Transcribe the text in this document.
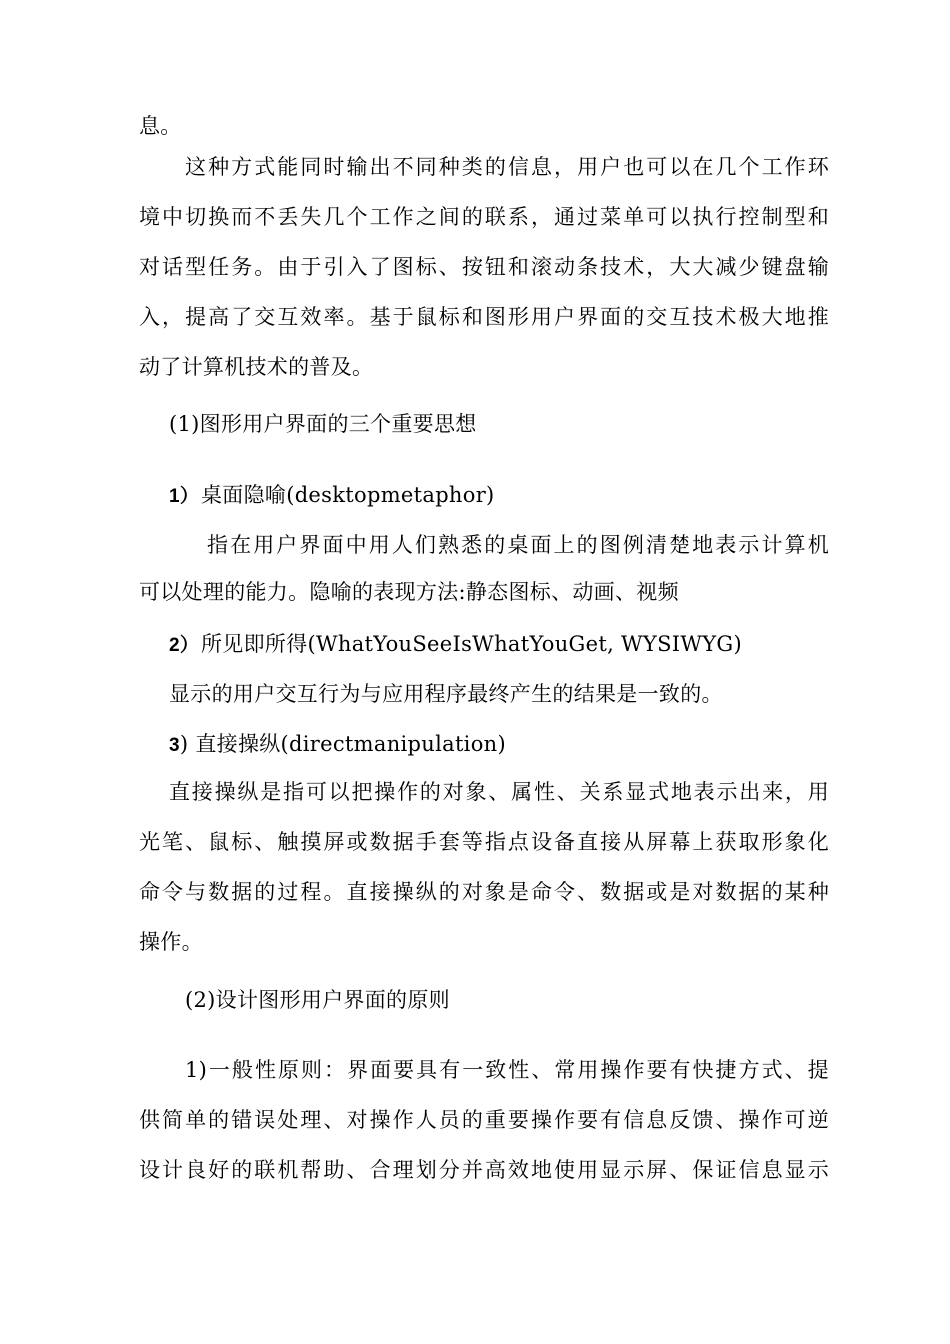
息。
这种方式能同时输出不同种类的信息，用户也可以在几个工作环
境中切换而不丢失几个工作之间的联系，通过菜单可以执行控制型和
对话型任务。由于引入了图标、按钮和滚动条技术，大大减少键盘输
入，提高了交互效率。基于鼠标和图形用户界面的交互技术极大地推
动了计算机技术的普及。
(1)图形用户界面的三个重要思想
1）桌面隐喻(desktopmetaphor)
指在用户界面中用人们熟悉的桌面上的图例清楚地表示计算机
可以处理的能力。隐喻的表现方法:静态图标、动画、视频
2）所见即所得(WhatYouSeeIsWhatYouGet, WYSIWYG)
显示的用户交互行为与应用程序最终产生的结果是一致的。
3) 直接操纵(directmanipulation)
直接操纵是指可以把操作的对象、属性、关系显式地表示出来，用
光笔、鼠标、触摸屏或数据手套等指点设备直接从屏幕上获取形象化
命令与数据的过程。直接操纵的对象是命令、数据或是对数据的某种
操作。
(2)设计图形用户界面的原则
1)一般性原则：界面要具有一致性、常用操作要有快捷方式、提
供简单的错误处理、对操作人员的重要操作要有信息反馈、操作可逆
设计良好的联机帮助、合理划分并高效地使用显示屏、保证信息显示
